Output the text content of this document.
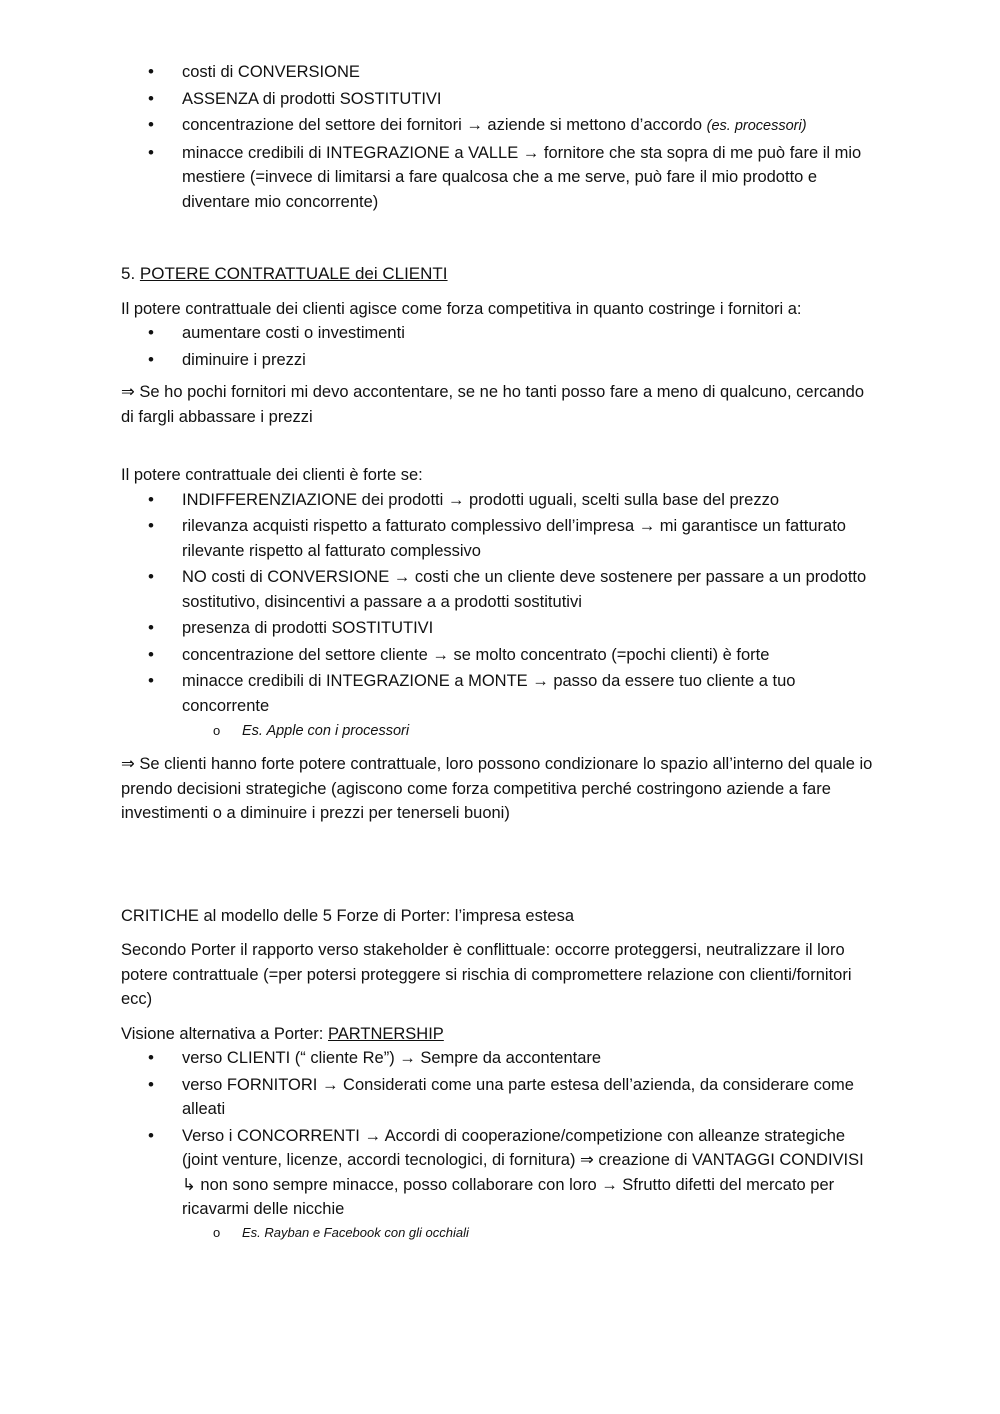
• costi di CONVERSIONE
• ASSENZA di prodotti SOSTITUTIVI
• concentrazione del settore dei fornitori → aziende si mettono d’accordo (es. processori)
• minacce credibili di INTEGRAZIONE a VALLE → fornitore che sta sopra di me può fare il mio mestiere (=invece di limitarsi a fare qualcosa che a me serve, può fare il mio prodotto e diventare mio concorrente)

5. POTERE CONTRATTUALE dei CLIENTI

Il potere contrattuale dei clienti agisce come forza competitiva in quanto costringe i fornitori a:

• aumentare costi o investimenti
• diminuire i prezzi

⇒ Se ho pochi fornitori mi devo accontentare, se ne ho tanti posso fare a meno di qualcuno, cercando di fargli abbassare i prezzi

Il potere contrattuale dei clienti è forte se:

• INDIFFERENZIAZIONE dei prodotti → prodotti uguali, scelti sulla base del prezzo
• rilevanza acquisti rispetto a fatturato complessivo dell’impresa → mi garantisce un fatturato rilevante rispetto al fatturato complessivo
• NO costi di CONVERSIONE → costi che un cliente deve sostenere per passare a un prodotto sostitutivo, disincentivi a passare a a prodotti sostitutivi
• presenza di prodotti SOSTITUTIVI
• concentrazione del settore cliente → se molto concentrato (=pochi clienti) è forte
• minacce credibili di INTEGRAZIONE a MONTE → passo da essere tuo cliente a tuo concorrente
o Es. Apple con i processori

⇒ Se clienti hanno forte potere contrattuale, loro possono condizionare lo spazio all’interno del quale io prendo decisioni strategiche (agiscono come forza competitiva perché costringono aziende a fare investimenti o a diminuire i prezzi per tenerseli buoni)

CRITICHE al modello delle 5 Forze di Porter: l’impresa estesa

Secondo Porter il rapporto verso stakeholder è conflittuale: occorre proteggersi, neutralizzare il loro potere contrattuale (=per potersi proteggere si rischia di compromettere relazione con clienti/fornitori ecc)

Visione alternativa a Porter: PARTNERSHIP

• verso CLIENTI (“ cliente Re”) → Sempre da accontentare
• verso FORNITORI → Considerati come una parte estesa dell’azienda, da considerare come alleati
• Verso i CONCORRENTI → Accordi di cooperazione/competizione con alleanze strategiche (joint venture, licenze, accordi tecnologici, di fornitura) ⇒ creazione di VANTAGGI CONDIVISI ↳ non sono sempre minacce, posso collaborare con loro → Sfrutto difetti del mercato per ricavarmi delle nicchie
o Es. Rayban e Facebook con gli occhiali
